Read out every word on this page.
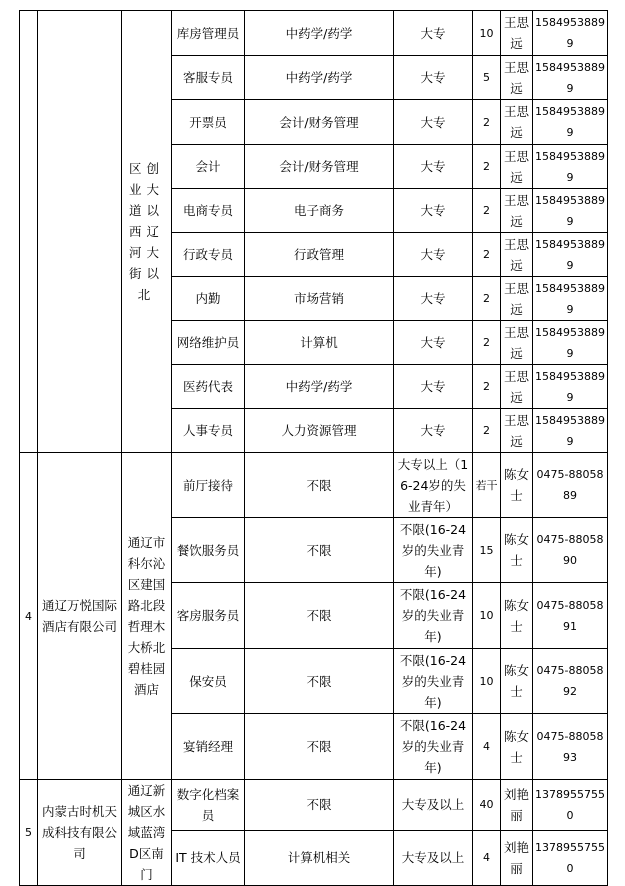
		区创业大道以西辽河大街以北	库房管理员	中药学/药学	大专	10	王思远	15849538899
			客服专员	中药学/药学	大专	5	王思远	15849538899
			开票员	会计/财务管理	大专	2	王思远	15849538899
			会计	会计/财务管理	大专	2	王思远	15849538899
			电商专员	电子商务	大专	2	王思远	15849538899
			行政专员	行政管理	大专	2	王思远	15849538899
			内勤	市场营销	大专	2	王思远	15849538899
			网络维护员	计算机	大专	2	王思远	15849538899
			医药代表	中药学/药学	大专	2	王思远	15849538899
			人事专员	人力资源管理	大专	2	王思远	15849538899
4	通辽万悦国际酒店有限公司	通辽市科尔沁区建国路北段哲理木大桥北碧桂园酒店	前厅接待	不限	大专以上（16-24岁的失业青年）	若干	陈女士	0475-8805889
			餐饮服务员	不限	不限(16-24岁的失业青年)	15	陈女士	0475-8805890
			客房服务员	不限	不限(16-24岁的失业青年)	10	陈女士	0475-8805891
			保安员	不限	不限(16-24岁的失业青年)	10	陈女士	0475-8805892
			宴销经理	不限	不限(16-24岁的失业青年)	4	陈女士	0475-8805893
5	内蒙古时机天成科技有限公司	通辽新城区水域蓝湾D区南门	数字化档案员	不限	大专及以上	40	刘艳丽	13789557550
			IT 技术人员	计算机相关	大专及以上	4	刘艳丽	13789557550
